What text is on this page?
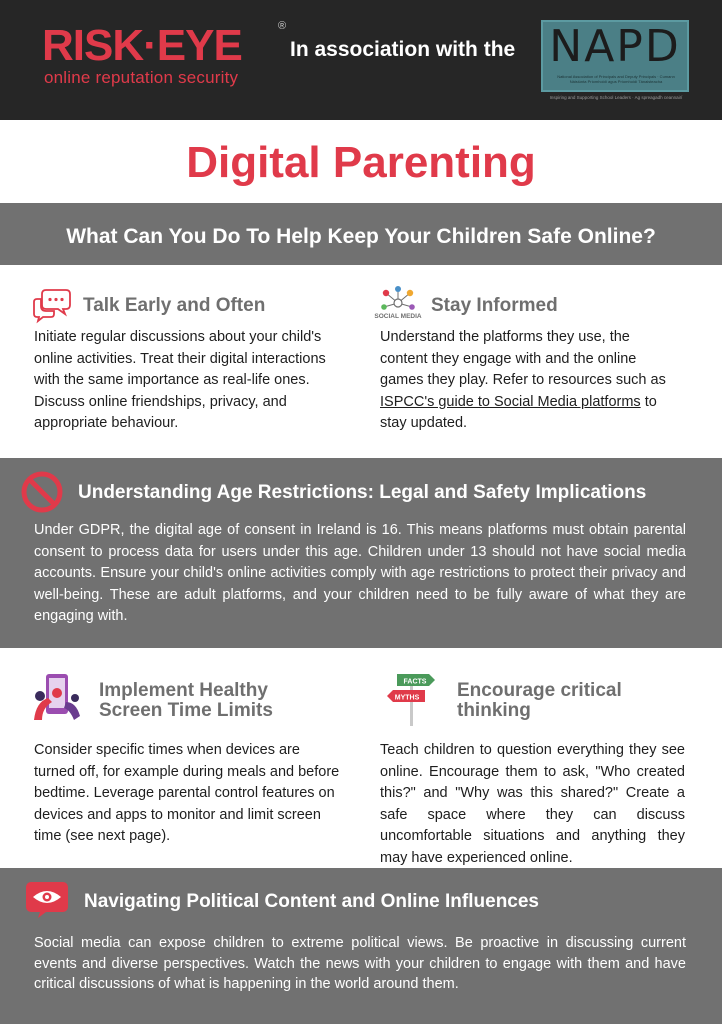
RISK·EYE	®
online reputation security
In association with the NAPD
National Association of Principals and Deputy Principals · Cumann Náisiúnta Príomhoidí agus Príomhoidí Tánaisteacha
Inspiring and Supporting School Leaders · Ag spreagadh ceannairí
Digital Parenting
What Can You Do To Help Keep Your Children Safe Online?
Talk Early and Often
Initiate regular discussions about your child's
online activities. Treat their digital interactions
with the same importance as real-life ones.
Discuss online friendships, privacy, and
appropriate behaviour.
SOCIAL MEDIA
Stay Informed
Understand the platforms they use, the
content they engage with and the online
games they play. Refer to resources such as
ISPCC's guide to Social Media platforms to
stay updated.
Understanding Age Restrictions: Legal and Safety Implications
Under GDPR, the digital age of consent in Ireland is 16. This means platforms must obtain parental consent to process data for users under this age. Children under 13 should not have social media accounts. Ensure your child's online activities comply with age restrictions to protect their privacy and well-being. These are adult platforms, and your children need to be fully aware of what they are engaging with.
Implement Healthy
Screen Time Limits
Consider specific times when devices are turned off, for example during meals and before bedtime. Leverage parental control features on devices and apps to monitor and limit screen time (see next page).
FACTS
MYTHS Encourage critical
thinking
Teach children to question everything they see online. Encourage them to ask, "Who created this?" and "Why was this shared?" Create a safe space where they can discuss uncomfortable situations and anything they may have experienced online.
Navigating Political Content and Online Influences
Social media can expose children to extreme political views. Be proactive in discussing current events and diverse perspectives. Watch the news with your children to engage with them and have critical discussions of what is happening in the world around them.
